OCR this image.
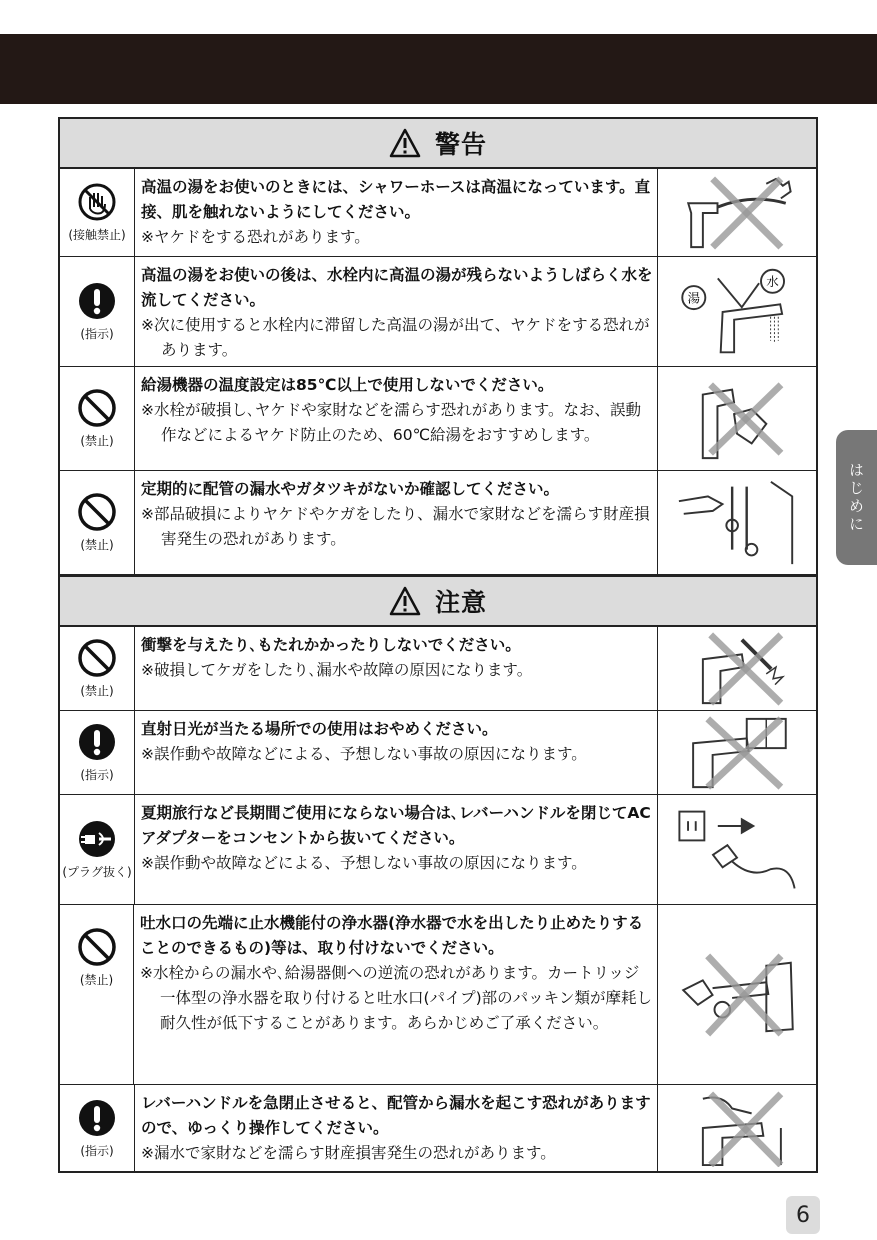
はじめに
警告
(接触禁止)
高温の湯をお使いのときには、シャワーホースは高温になっています。直接、肌を触れないようにしてください。
※ヤケドをする恐れがあります。
(指示)
高温の湯をお使いの後は、水栓内に高温の湯が残らないようしばらく水を流してください。
※次に使用すると水栓内に滞留した高温の湯が出て、ヤケドをする恐れがあります。
湯
水
(禁止)
給湯機器の温度設定は85℃以上で使用しないでください。
※水栓が破損し､ヤケドや家財などを濡らす恐れがあります。なお、誤動作などによるヤケド防止のため、60℃給湯をおすすめします。
(禁止)
定期的に配管の漏水やガタツキがないか確認してください。
※部品破損によりヤケドやケガをしたり、漏水で家財などを濡らす財産損害発生の恐れがあります。
注意
(禁止)
衝撃を与えたり､もたれかかったりしないでください。
※破損してケガをしたり､漏水や故障の原因になります。
(指示)
直射日光が当たる場所での使用はおやめください。
※誤作動や故障などによる、予想しない事故の原因になります。
(プラグ抜く)
夏期旅行など長期間ご使用にならない場合は､レバーハンドルを閉じてACアダプターをコンセントから抜いてください。
※誤作動や故障などによる、予想しない事故の原因になります。
(禁止)
吐水口の先端に止水機能付の浄水器(浄水器で水を出したり止めたりすることのできるもの)等は、取り付けないでください。
※水栓からの漏水や､給湯器側への逆流の恐れがあります。カートリッジ一体型の浄水器を取り付けると吐水口(パイプ)部のパッキン類が摩耗し耐久性が低下することがあります。あらかじめご了承ください。
(指示)
レバーハンドルを急閉止させると、配管から漏水を起こす恐れがありますので、ゆっくり操作してください。
※漏水で家財などを濡らす財産損害発生の恐れがあります。
6
